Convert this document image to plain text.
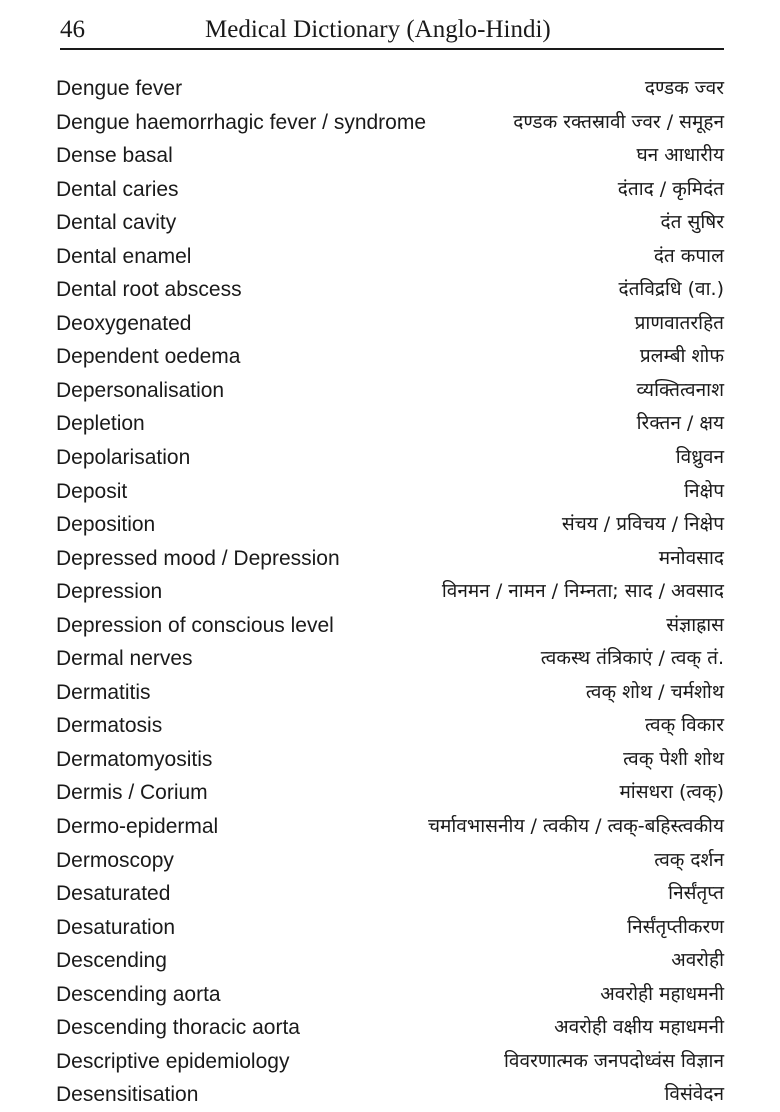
46	Medical Dictionary (Anglo-Hindi)
Dengue fever	दण्डक ज्वर
Dengue haemorrhagic fever / syndrome	दण्डक रक्तस्रावी ज्वर / समूहन
Dense basal	घन आधारीय
Dental caries	दंताद / कृमिदंत
Dental cavity	दंत सुषिर
Dental enamel	दंत कपाल
Dental root abscess	दंतविद्रधि (वा.)
Deoxygenated	प्राणवातरहित
Dependent oedema	प्रलम्बी शोफ
Depersonalisation	व्यक्तित्वनाश
Depletion	रिक्तन / क्षय
Depolarisation	विध्रुवन
Deposit	निक्षेप
Deposition	संचय / प्रविचय / निक्षेप
Depressed mood / Depression	मनोवसाद
Depression	विनमन / नामन / निम्नता; साद / अवसाद
Depression of conscious level	संज्ञाह्रास
Dermal nerves	त्वकस्थ तंत्रिकाएं / त्वक् तं.
Dermatitis	त्वक् शोथ / चर्मशोथ
Dermatosis	त्वक् विकार
Dermatomyositis	त्वक् पेशी शोथ
Dermis / Corium	मांसधरा (त्वक्)
Dermo-epidermal	चर्मावभासनीय / त्वकीय / त्वक्-बहिस्त्वकीय
Dermoscopy	त्वक् दर्शन
Desaturated	निर्संतृप्त
Desaturation	निर्संतृप्तीकरण
Descending	अवरोही
Descending aorta	अवरोही महाधमनी
Descending thoracic aorta	अवरोही वक्षीय महाधमनी
Descriptive epidemiology	विवरणात्मक जनपदोध्वंस विज्ञान
Desensitisation	विसंवेदन
